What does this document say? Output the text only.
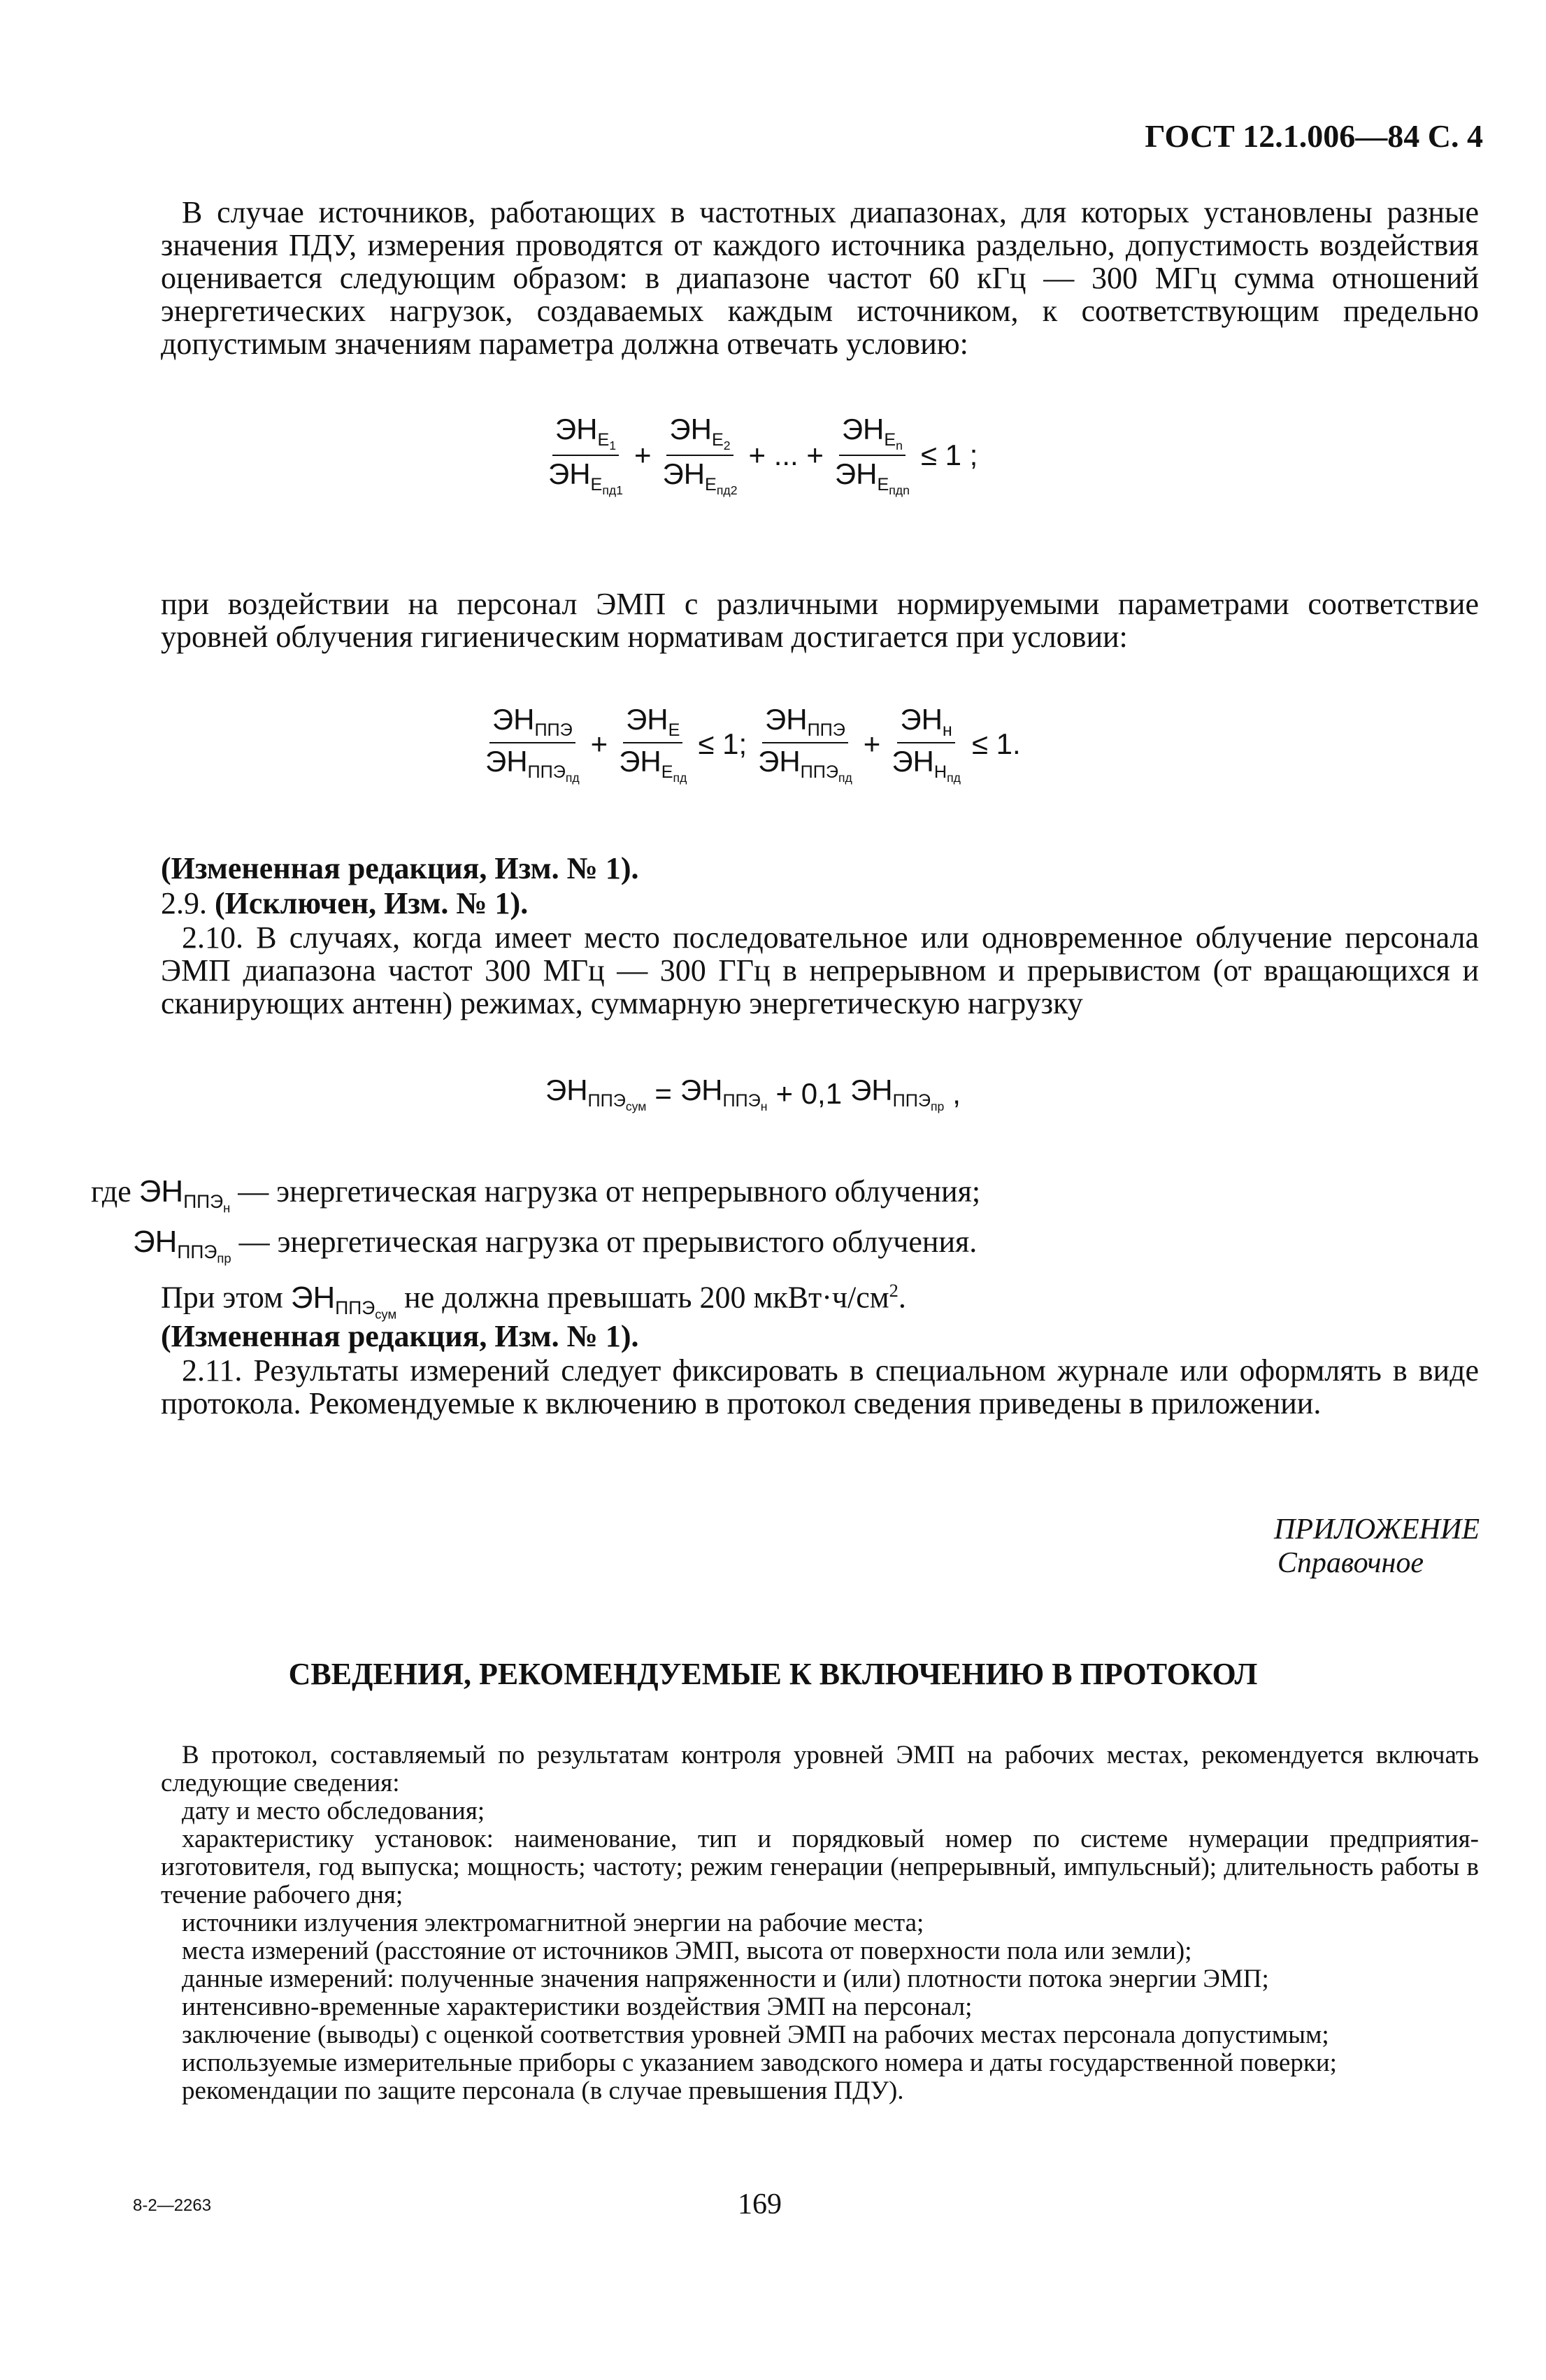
ГОСТ 12.1.006—84 С. 4
В случае источников, работающих в частотных диапазонах, для которых установлены разные значения ПДУ, измерения проводятся от каждого источника раздельно, допустимость воздействия оценивается следующим образом: в диапазоне частот 60 кГц — 300 МГц сумма отношений энергетических нагрузок, создаваемых каждым источником, к соответствующим предельно допустимым значениям параметра должна отвечать условию:
$\frac{ЭН_{E_1}}{ЭН_{E_{пд1}}} + \frac{ЭН_{E_2}}{ЭН_{E_{пд2}}}$ + ... + $\frac{ЭН_{E_n}}{ЭН_{E_{пдn}}} \le 1$ ;
при воздействии на персонал ЭМП с различными нормируемыми параметрами соответствие уровней облучения гигиеническим нормативам достигается при условии:
$\frac{ЭН_{ППЭ}}{ЭН_{ППЭ_{пд}}} + \frac{ЭН_E}{ЭН_{E_{пд}}} \le 1$; $\frac{ЭН_{ППЭ}}{ЭН_{ППЭ_{пд}}} + \frac{ЭН_н}{ЭН_{Н_{пд}}} \le 1$.
(Измененная редакция, Изм. № 1).
2.9. (Исключен, Изм. № 1).
2.10. В случаях, когда имеет место последовательное или одновременное облучение персонала ЭМП диапазона частот 300 МГц — 300 ГГц в непрерывном и прерывистом (от вращающихся и сканирующих антенн) режимах, суммарную энергетическую нагрузку
$ЭН_{ППЭ_{сум}} = ЭН_{ППЭ_н} + 0,1$ $ЭН_{ППЭ_{пр}}$ ,
где $ЭН_{ППЭ_н}$ — энергетическая нагрузка от непрерывного облучения;
$ЭН_{ППЭ_{пр}}$ — энергетическая нагрузка от прерывистого облучения.
При этом $ЭН_{ППЭ_{сум}}$ не должна превышать 200 $мкВт\cdot ч/см^2$.
(Измененная редакция, Изм. № 1).
2.11. Результаты измерений следует фиксировать в специальном журнале или оформлять в виде протокола. Рекомендуемые к включению в протокол сведения приведены в приложении.
ПРИЛОЖЕНИЕ
Справочное
СВЕДЕНИЯ, РЕКОМЕНДУЕМЫЕ К ВКЛЮЧЕНИЮ В ПРОТОКОЛ
В протокол, составляемый по результатам контроля уровней ЭМП на рабочих местах, рекомендуется включать следующие сведения:
дату и место обследования;
характеристику установок: наименование, тип и порядковый номер по системе нумерации предприятия-изготовителя, год выпуска; мощность; частоту; режим генерации (непрерывный, импульсный); длительность работы в течение рабочего дня;
источники излучения электромагнитной энергии на рабочие места;
места измерений (расстояние от источников ЭМП, высота от поверхности пола или земли);
данные измерений: полученные значения напряженности и (или) плотности потока энергии ЭМП;
интенсивно-временные характеристики воздействия ЭМП на персонал;
заключение (выводы) с оценкой соответствия уровней ЭМП на рабочих местах персонала допустимым;
используемые измерительные приборы с указанием заводского номера и даты государственной поверки;
рекомендации по защите персонала (в случае превышения ПДУ).
8-2—2263	169
